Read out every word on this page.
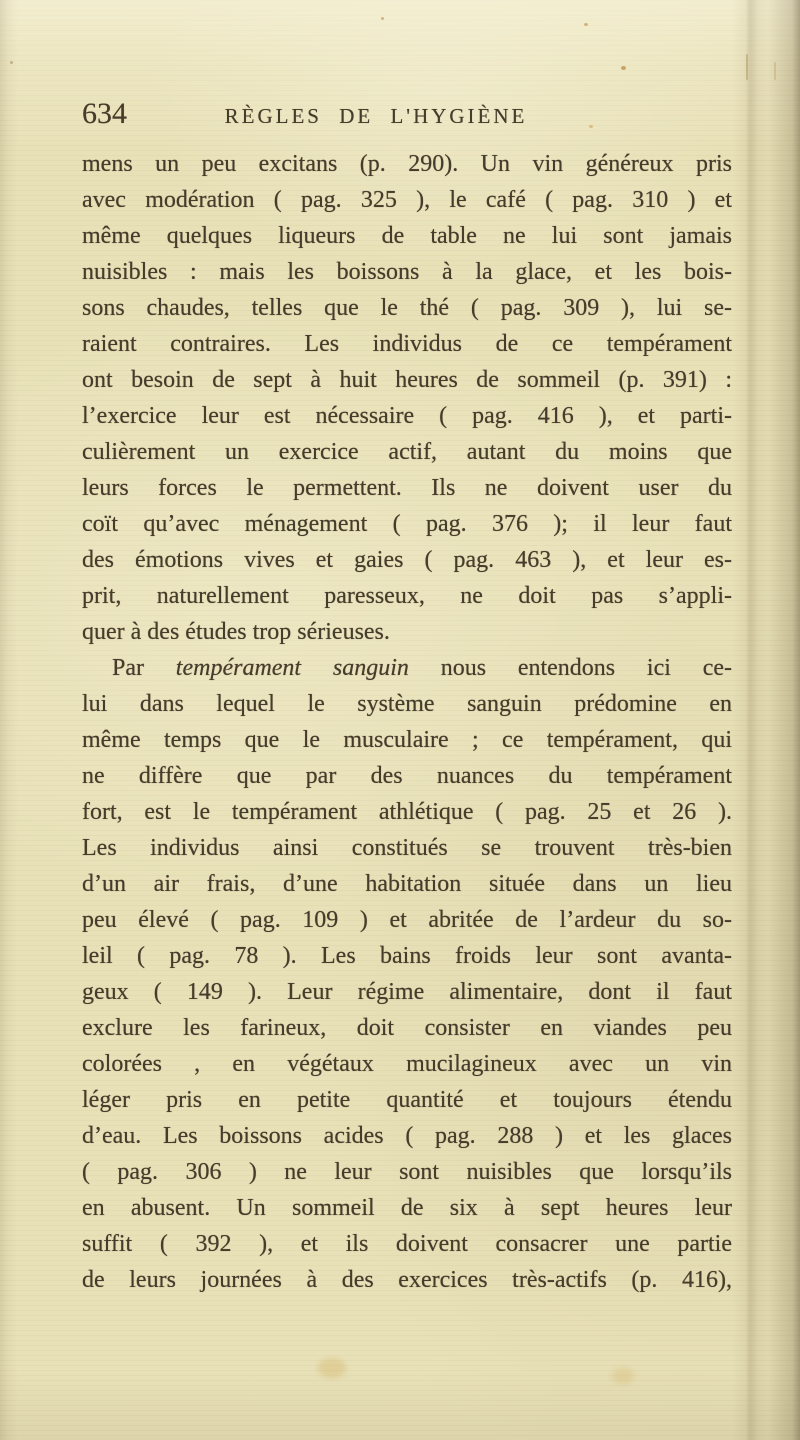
634	RÈGLES DE L'HYGIÈNE
mens un peu excitans (p. 290). Un vin généreux pris
avec modération ( pag. 325 ), le café ( pag. 310 ) et
même quelques liqueurs de table ne lui sont jamais
nuisibles : mais les boissons à la glace, et les bois-
sons chaudes, telles que le thé ( pag. 309 ), lui se-
raient contraires. Les individus de ce tempérament
ont besoin de sept à huit heures de sommeil (p. 391) :
l’exercice leur est nécessaire ( pag. 416 ), et parti-
culièrement un exercice actif, autant du moins que
leurs forces le permettent. Ils ne doivent user du
coït qu’avec ménagement ( pag. 376 ); il leur faut
des émotions vives et gaies ( pag. 463 ), et leur es-
prit, naturellement paresseux, ne doit pas s’appli-
quer à des études trop sérieuses.
Par tempérament sanguin nous entendons ici ce-
lui dans lequel le système sanguin prédomine en
même temps que le musculaire ; ce tempérament, qui
ne diffère que par des nuances du tempérament
fort, est le tempérament athlétique ( pag. 25 et 26 ).
Les individus ainsi constitués se trouvent très-bien
d’un air frais, d’une habitation située dans un lieu
peu élevé ( pag. 109 ) et abritée de l’ardeur du so-
leil ( pag. 78 ). Les bains froids leur sont avanta-
geux ( 149 ). Leur régime alimentaire, dont il faut
exclure les farineux, doit consister en viandes peu
colorées , en végétaux mucilagineux avec un vin
léger pris en petite quantité et toujours étendu
d’eau. Les boissons acides ( pag. 288 ) et les glaces
( pag. 306 ) ne leur sont nuisibles que lorsqu’ils
en abusent. Un sommeil de six à sept heures leur
suffit ( 392 ), et ils doivent consacrer une partie
de leurs journées à des exercices très-actifs (p. 416),
